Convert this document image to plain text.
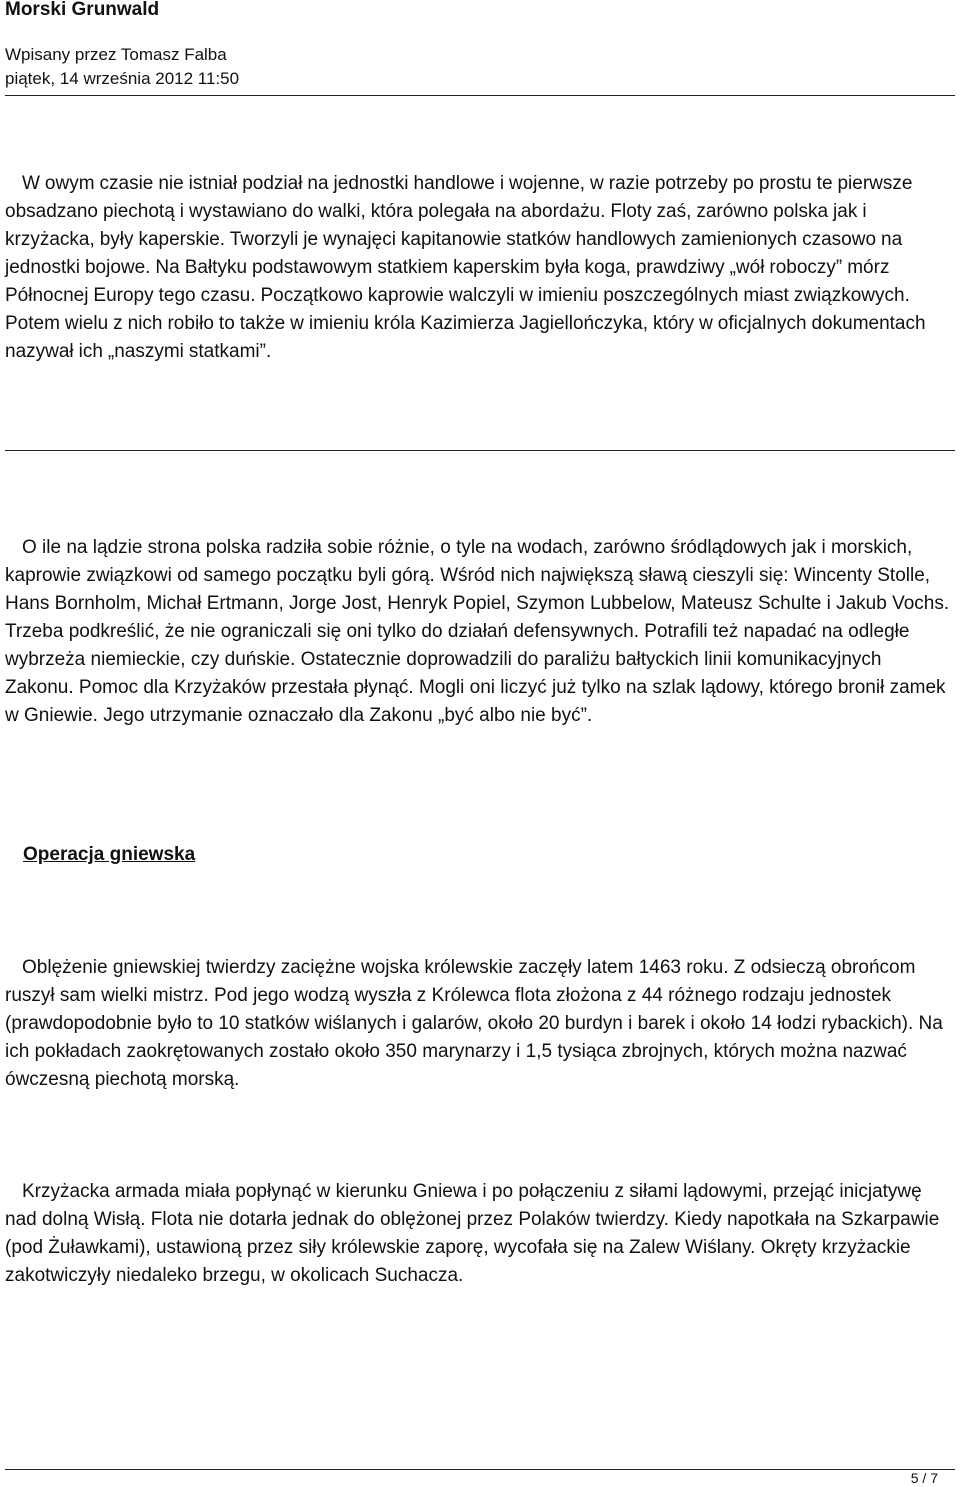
Morski Grunwald
Wpisany przez Tomasz Falba
piątek, 14 września 2012 11:50

W owym czasie nie istniał podział na jednostki handlowe i wojenne, w razie potrzeby po prostu te pierwsze obsadzano piechotą i wystawiano do walki, która polegała na abordażu. Floty zaś, zarówno polska jak i krzyżacka, były kaperskie. Tworzyli je wynajęci kapitanowie statków handlowych zamienionych czasowo na jednostki bojowe. Na Bałtyku podstawowym statkiem kaperskim była koga, prawdziwy „wół roboczy” mórz Północnej Europy tego czasu. Początkowo kaprowie walczyli w imieniu poszczególnych miast związkowych. Potem wielu z nich robiło to także w imieniu króla Kazimierza Jagiellończyka, który w oficjalnych dokumentach nazywał ich „naszymi statkami”.

O ile na lądzie strona polska radziła sobie różnie, o tyle na wodach, zarówno śródlądowych jak i morskich, kaprowie związkowi od samego początku byli górą. Wśród nich największą sławą cieszyli się: Wincenty Stolle, Hans Bornholm, Michał Ertmann, Jorge Jost, Henryk Popiel, Szymon Lubbelow, Mateusz Schulte i Jakub Vochs. Trzeba podkreślić, że nie ograniczali się oni tylko do działań defensywnych. Potrafili też napadać na odległe wybrzeża niemieckie, czy duńskie. Ostatecznie doprowadzili do paraliżu bałtyckich linii komunikacyjnych Zakonu. Pomoc dla Krzyżaków przestała płynąć. Mogli oni liczyć już tylko na szlak lądowy, którego bronił zamek w Gniewie. Jego utrzymanie oznaczało dla Zakonu „być albo nie być”.

Operacja gniewska

Oblężenie gniewskiej twierdzy zaciężne wojska królewskie zaczęły latem 1463 roku. Z odsieczą obrońcom ruszył sam wielki mistrz. Pod jego wodzą wyszła z Królewca flota złożona z 44 różnego rodzaju jednostek (prawdopodobnie było to 10 statków wiślanych i galarów, około 20 burdyn i barek i około 14 łodzi rybackich). Na ich pokładach zaokrętowanych zostało około 350 marynarzy i 1,5 tysiąca zbrojnych, których można nazwać ówczesną piechotą morską.

Krzyżacka armada miała popłynąć w kierunku Gniewa i po połączeniu z siłami lądowymi, przejąć inicjatywę nad dolną Wisłą. Flota nie dotarła jednak do oblężonej przez Polaków twierdzy. Kiedy napotkała na Szkarpawie (pod Żuławkami), ustawioną przez siły królewskie zaporę, wycofała się na Zalew Wiślany. Okręty krzyżackie zakotwiczyły niedaleko brzegu, w okolicach Suchacza.

5 / 7
